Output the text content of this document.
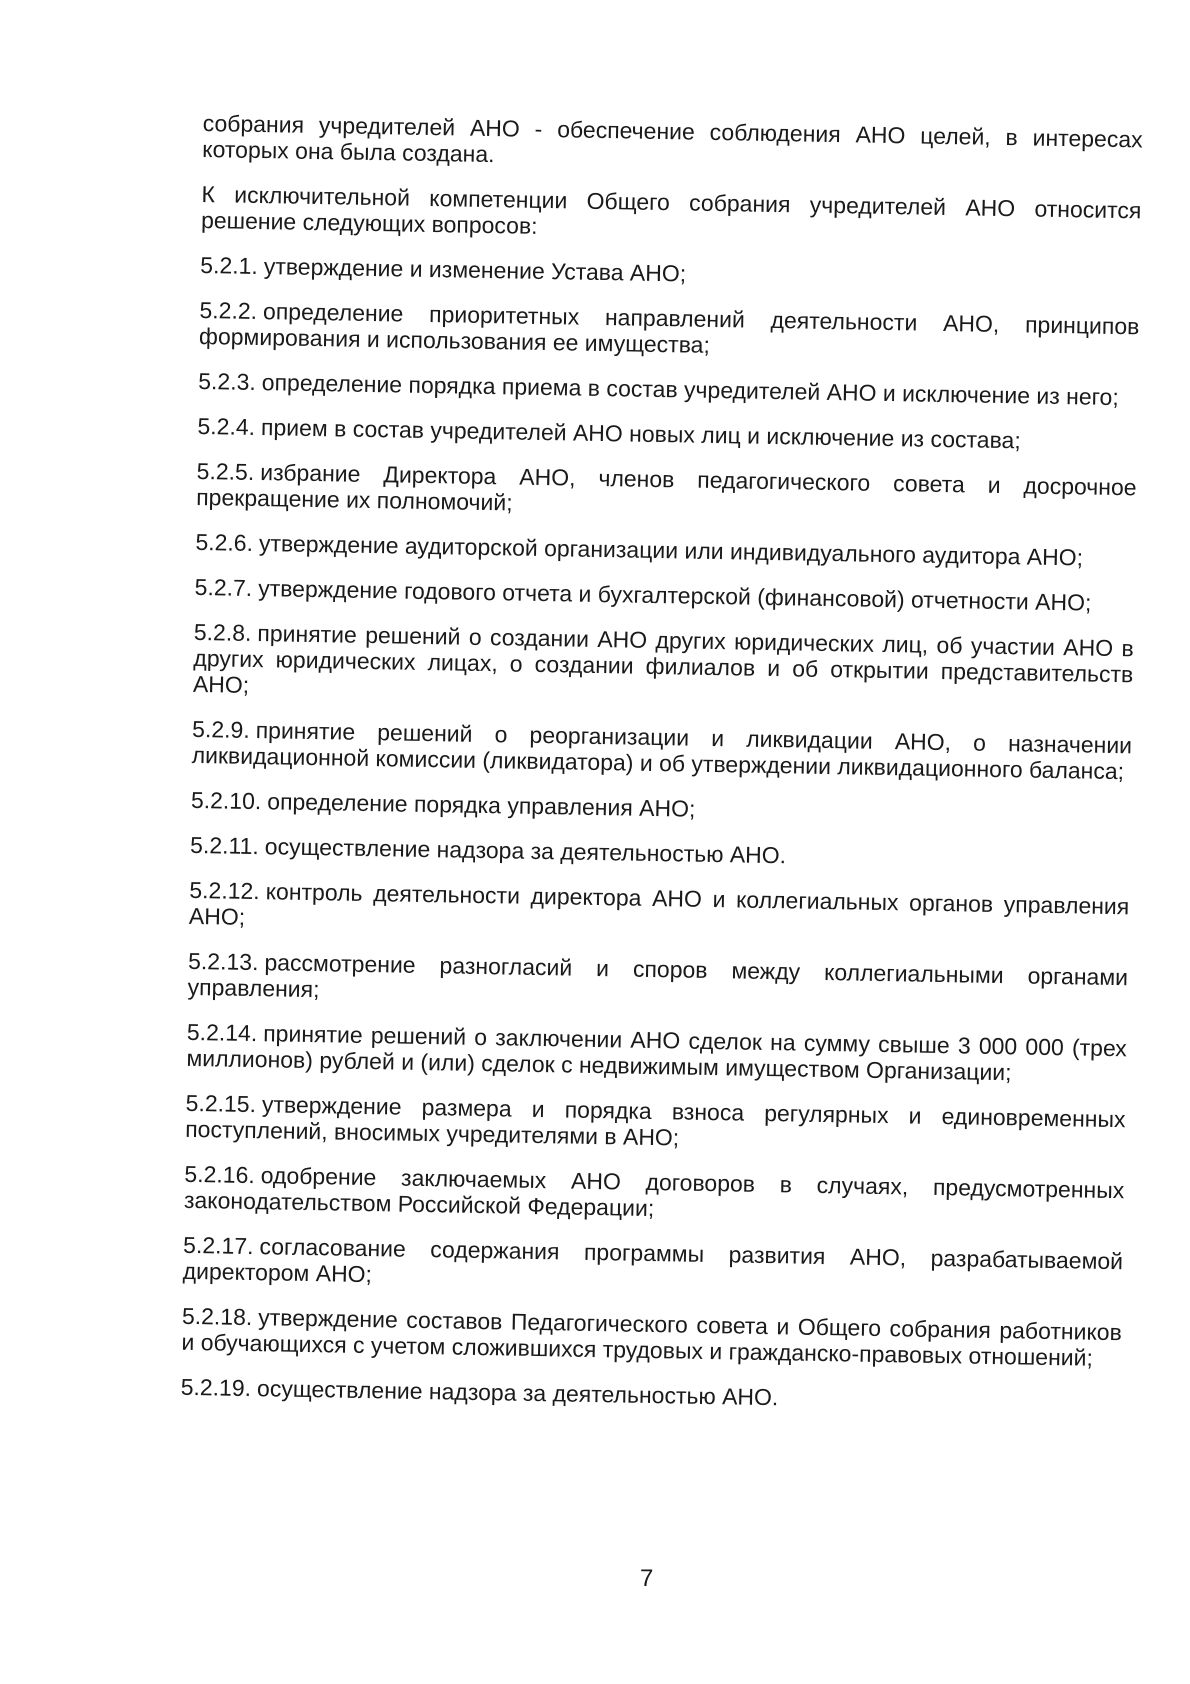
собрания учредителей АНО - обеспечение соблюдения АНО целей, в интересах которых она была создана.

К исключительной компетенции Общего собрания учредителей АНО относится решение следующих вопросов:

5.2.1. утверждение и изменение Устава АНО;

5.2.2. определение приоритетных направлений деятельности АНО, принципов формирования и использования ее имущества;

5.2.3. определение порядка приема в состав учредителей АНО и исключение из него;

5.2.4. прием в состав учредителей АНО новых лиц и исключение из состава;

5.2.5. избрание Директора АНО, членов педагогического совета и досрочное прекращение их полномочий;

5.2.6. утверждение аудиторской организации или индивидуального аудитора АНО;

5.2.7. утверждение годового отчета и бухгалтерской (финансовой) отчетности АНО;

5.2.8. принятие решений о создании АНО других юридических лиц, об участии АНО в других юридических лицах, о создании филиалов и об открытии представительств АНО;

5.2.9. принятие решений о реорганизации и ликвидации АНО, о назначении ликвидационной комиссии (ликвидатора) и об утверждении ликвидационного баланса;

5.2.10. определение порядка управления АНО;

5.2.11. осуществление надзора за деятельностью АНО.

5.2.12. контроль деятельности директора АНО и коллегиальных органов управления АНО;

5.2.13. рассмотрение разногласий и споров между коллегиальными органами управления;

5.2.14. принятие решений о заключении АНО сделок на сумму свыше 3 000 000 (трех миллионов) рублей и (или) сделок с недвижимым имуществом Организации;

5.2.15. утверждение размера и порядка взноса регулярных и единовременных поступлений, вносимых учредителями в АНО;

5.2.16. одобрение заключаемых АНО договоров в случаях, предусмотренных законодательством Российской Федерации;

5.2.17. согласование содержания программы развития АНО, разрабатываемой директором АНО;

5.2.18. утверждение составов Педагогического совета и Общего собрания работников и обучающихся с учетом сложившихся трудовых и гражданско-правовых отношений;

5.2.19. осуществление надзора за деятельностью АНО.

7
